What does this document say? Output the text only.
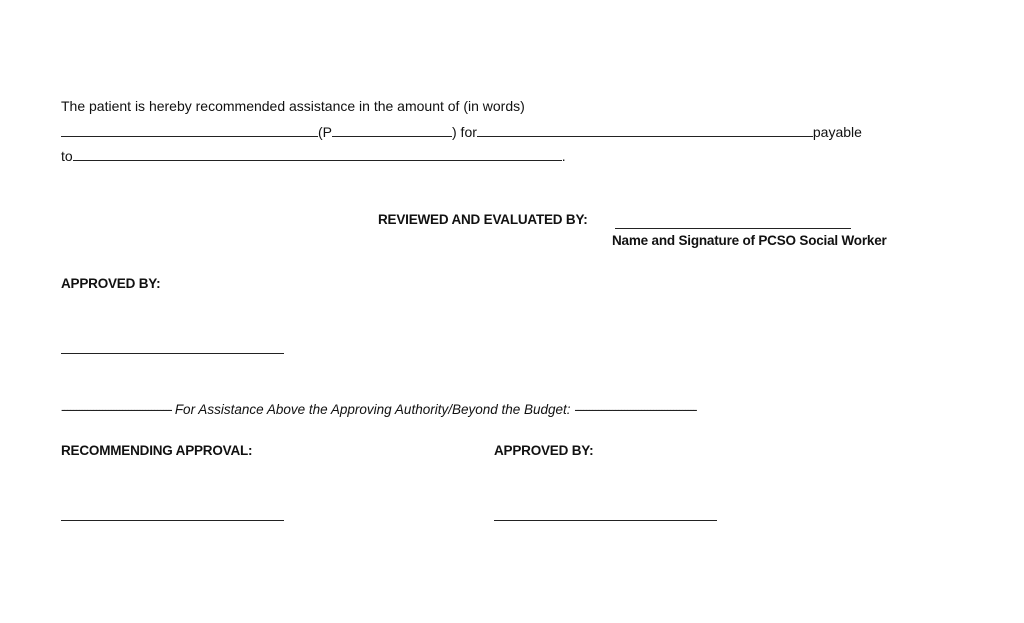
The patient is hereby recommended assistance in the amount of (in words)
(P	) for	payable
to	.
REVIEWED AND EVALUATED BY:
Name and Signature of PCSO Social Worker
APPROVED BY:
-------------------------------------- For Assistance Above the Approving Authority/Beyond the Budget: ------------------------------------------
RECOMMENDING APPROVAL:	APPROVED BY:
